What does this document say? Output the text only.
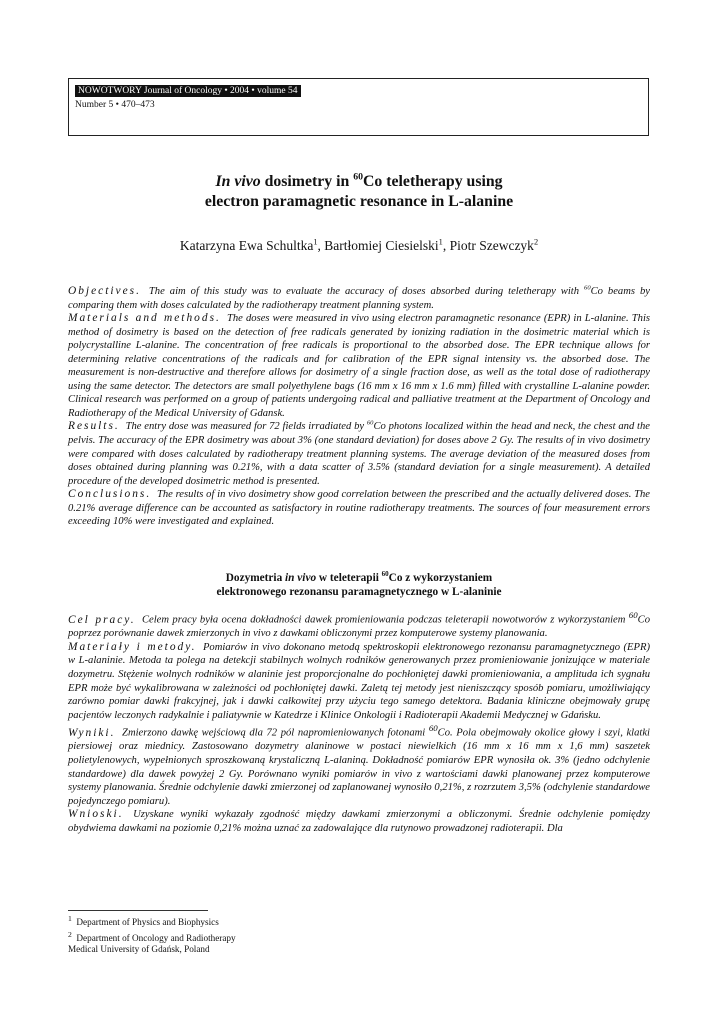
NOWOTWORY Journal of Oncology • 2004 • volume 54
Number 5 • 470–473
In vivo dosimetry in $^{60}$Co teletherapy using
electron paramagnetic resonance in L-alanine
Katarzyna Ewa Schultka$^1$, Bartłomiej Ciesielski$^1$, Piotr Szewczyk$^2$

Objectives. The aim of this study was to evaluate the accuracy of doses absorbed during teletherapy with $^{60}$Co beams by comparing them with doses calculated by the radiotherapy treatment planning system.

Materials and methods. The doses were measured in vivo using electron paramagnetic resonance (EPR) in L-alanine. This method of dosimetry is based on the detection of free radicals generated by ionizing radiation in the dosimetric material which is polycrystalline L-alanine. The concentration of free radicals is proportional to the absorbed dose. The EPR technique allows for determining relative concentrations of the radicals and for calibration of the EPR signal intensity vs. the absorbed dose. The measurement is non-destructive and therefore allows for dosimetry of a single fraction dose, as well as the total dose of radiotherapy using the same detector. The detectors are small polyethylene bags (16 mm x 16 mm x 1.6 mm) filled with crystalline L-alanine powder. Clinical research was performed on a group of patients undergoing radical and palliative treatment at the Department of Oncology and Radiotherapy of the Medical University of Gdansk.

Results. The entry dose was measured for 72 fields irradiated by $^{60}$Co photons localized within the head and neck, the chest and the pelvis. The accuracy of the EPR dosimetry was about 3% (one standard deviation) for doses above 2 Gy. The results of in vivo dosimetry were compared with doses calculated by radiotherapy treatment planning systems. The average deviation of the measured doses from doses obtained during planning was 0.21%, with a data scatter of 3.5% (standard deviation for a single measurement). A detailed procedure of the developed dosimetric method is presented.

Conclusions. The results of in vivo dosimetry show good correlation between the prescribed and the actually delivered doses. The 0.21% average difference can be accounted as satisfactory in routine radiotherapy treatments. The sources of four measurement errors exceeding 10% were investigated and explained.

Dozymetria in vivo w teleterapii $^{60}$Co z wykorzystaniem
elektronowego rezonansu paramagnetycznego w L-alaninie

Cel pracy. Celem pracy była ocena dokładności dawek promieniowania podczas teleterapii nowotworów z wykorzystaniem $^{60}$Co poprzez porównanie dawek zmierzonych in vivo z dawkami obliczonymi przez komputerowe systemy planowania.

Materiały i metody. Pomiarów in vivo dokonano metodą spektroskopii elektronowego rezonansu paramagnetycznego (EPR) w L-alaninie. Metoda ta polega na detekcji stabilnych wolnych rodników generowanych przez promieniowanie jonizujące w materiale dozymetru. Stężenie wolnych rodników w alaninie jest proporcjonalne do pochłoniętej dawki promieniowania, a amplituda ich sygnału EPR może być wykalibrowana w zależności od pochłoniętej dawki. Zaletą tej metody jest nieniszczący sposób pomiaru, umożliwiający zarówno pomiar dawki frakcyjnej, jak i dawki całkowitej przy użyciu tego samego detektora. Badania kliniczne obejmowały grupę pacjentów leczonych radykalnie i paliatywnie w Katedrze i Klinice Onkologii i Radioterapii Akademii Medycznej w Gdańsku.

Wyniki. Zmierzono dawkę wejściową dla 72 pól napromieniowanych fotonami $^{60}$Co. Pola obejmowały okolice głowy i szyi, klatki piersiowej oraz miednicy. Zastosowano dozymetry alaninowe w postaci niewielkich (16 mm x 16 mm x 1,6 mm) saszetek polietylenowych, wypełnionych sproszkowaną krystaliczną L-alaniną. Dokładność pomiarów EPR wynosiła ok. 3% (jedno odchylenie standardowe) dla dawek powyżej 2 Gy. Porównano wyniki pomiarów in vivo z wartościami dawki planowanej przez komputerowe systemy planowania. Średnie odchylenie dawki zmierzonej od zaplanowanej wynosiło 0,21%, z rozrzutem 3,5% (odchylenie standardowe pojedynczego pomiaru).

Wnioski. Uzyskane wyniki wykazały zgodność między dawkami zmierzonymi a obliczonymi. Średnie odchylenie pomiędzy obydwiema dawkami na poziomie 0,21% można uznać za zadowalające dla rutynowo prowadzonej radioterapii. Dla

$^1$ Department of Physics and Biophysics
$^2$ Department of Oncology and Radiotherapy
Medical University of Gdańsk, Poland
